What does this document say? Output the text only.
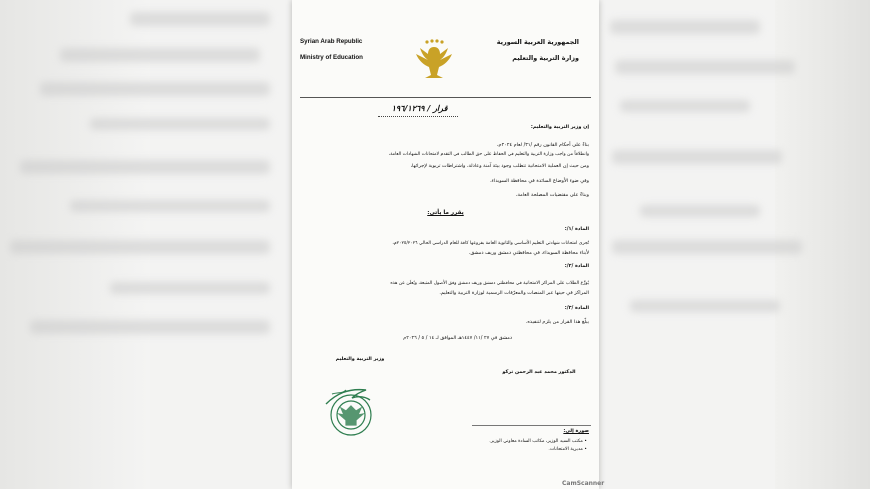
Syrian Arab Republic
Ministry of Education
الجمهورية العربية السورية
وزارة التربية والتعليم
قرار / ١٩٦/١٢٦٩
إن وزير التربية والتعليم:
بناءً على أحكام القانون رقم /٣١/ لعام ٢٠٢٤م،
وانطلاقاً من واجب وزارة التربية والتعليم في الحفاظ على حق الطالب في التقدم لامتحانات الشهادات العامة،
ومن حيث إن العملية الامتحانية تتطلب وجود بيئة آمنة وعادلة، واشتراطات تربوية لإجرائها،
وفي ضوء الأوضاع السائدة في محافظة السويداء،
وبناءً على مقتضيات المصلحة العامة،
يقرر ما يأتي:
المادة /١/:
تُجرى امتحانات شهادتي التعليم الأساسي والثانوية العامة بفروعها كافة للعام الدراسي الحالي ٢٠٢٥/٢٠٢٦م،
لأبناء محافظة السويداء، في محافظتي دمشق وريف دمشق.
المادة /٢/:
يُوزَّع الطلاب على المراكز الامتحانية في محافظتي دمشق وريف دمشق وفق الأصول المتبعة، ويُعلَن عن هذه
المراكز في حينها عبر المنصات والمعرّفات الرسمية لوزارة التربية والتعليم.
المادة /٣/:
يبلّغ هذا القرار من يلزم لتنفيذه.
دمشق في ٢٧ /١١/ ١٤٤٧هـ الموافق لـ ١٤ / ٥ / ٢٠٢٦م
وزير التربية والتعليم
الدكتور محمد عبد الرحمن تركو
صورة إلى:
• مكتب السيد الوزير، مكاتب السادة معاوني الوزير.
• مديرية الامتحانات.
CamScanner
